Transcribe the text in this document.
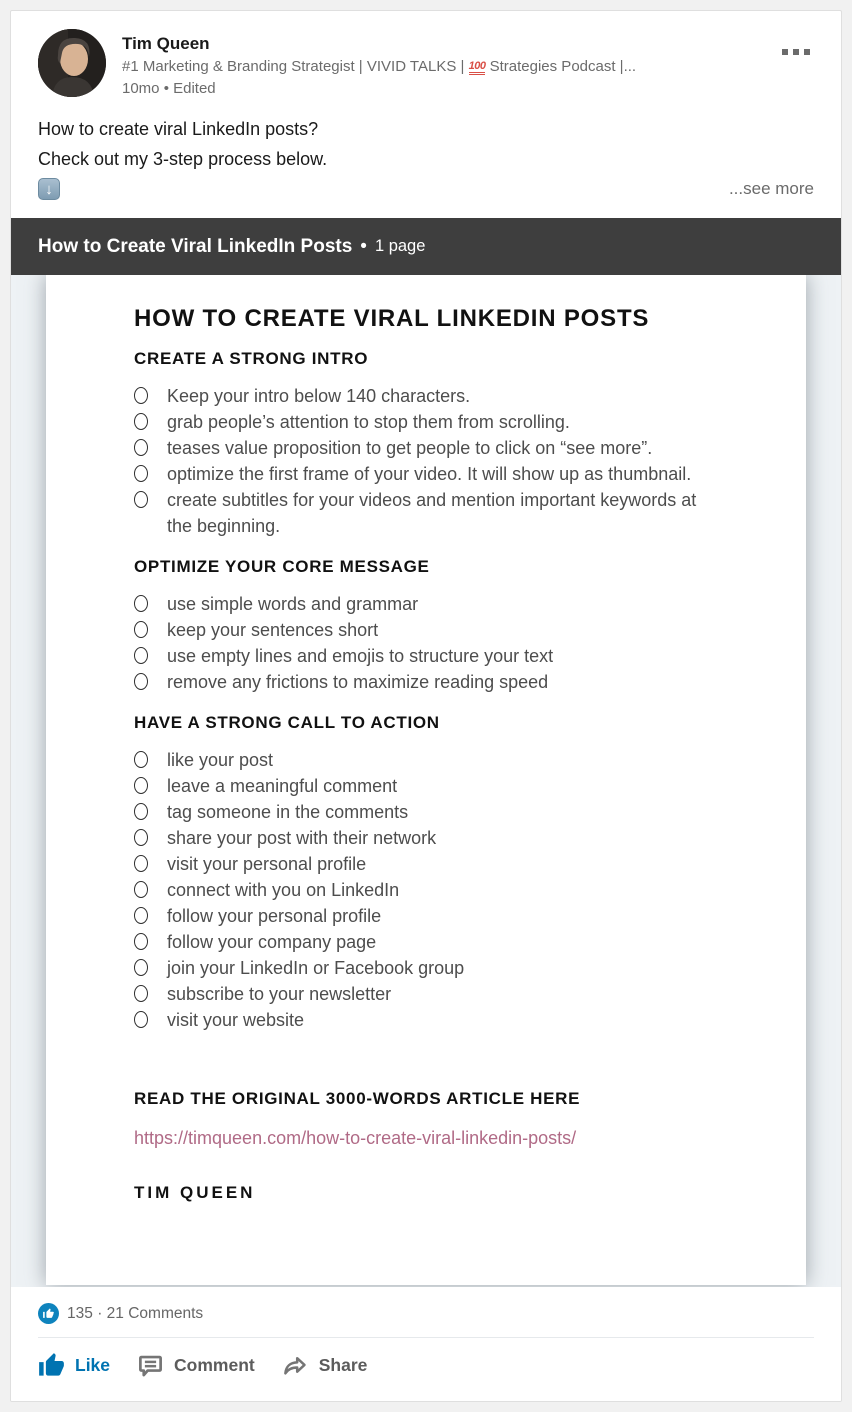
Tim Queen
#1 Marketing & Branding Strategist | VIVID TALKS | 100 Strategies Podcast |...
10mo • Edited

How to create viral LinkedIn posts?

Check out my 3-step process below.

↓	...see more
How to Create Viral LinkedIn Posts • 1 page
HOW TO CREATE VIRAL LINKEDIN POSTS
CREATE A STRONG INTRO
Keep your intro below 140 characters.
grab people’s attention to stop them from scrolling.
teases value proposition to get people to click on “see more”.
optimize the first frame of your video. It will show up as thumbnail.
create subtitles for your videos and mention important keywords at the beginning.
OPTIMIZE YOUR CORE MESSAGE
use simple words and grammar
keep your sentences short
use empty lines and emojis to structure your text
remove any frictions to maximize reading speed
HAVE A STRONG CALL TO ACTION
like your post
leave a meaningful comment
tag someone in the comments
share your post with their network
visit your personal profile
connect with you on LinkedIn
follow your personal profile
follow your company page
join your LinkedIn or Facebook group
subscribe to your newsletter
visit your website
READ THE ORIGINAL 3000-WORDS ARTICLE HERE
https://timqueen.com/how-to-create-viral-linkedin-posts/
TIM QUEEN
135 · 21 Comments
Like	Comment	Share
